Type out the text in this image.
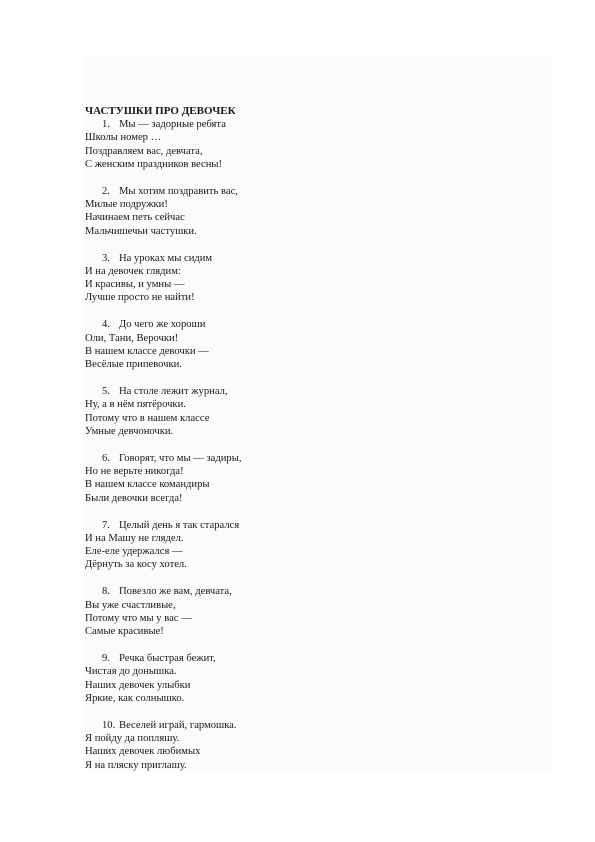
ЧАСТУШКИ ПРО ДЕВОЧЕК
1. Мы — задорные ребята
Школы номер …
Поздравляем вас, девчата,
С женским праздников весны!
2. Мы хотим поздравить вас,
Милые подружки!
Начинаем петь сейчас
Мальчишечьи частушки.
3. На уроках мы сидим
И на девочек глядим:
И красивы, и умны —
Лучше просто не найти!
4. До чего же хороши
Оли, Тани, Верочки!
В нашем классе девочки —
Весёлые припевочки.
5. На столе лежит журнал,
Ну, а в нём пятёрочки.
Потому что в нашем классе
Умные девчоночки.
6. Говорят, что мы — задиры,
Но не верьте никогда!
В нашем классе командиры
Были девочки всегда!
7. Целый день я так старался
И на Машу не глядел.
Еле-еле удержался —
Дёрнуть за косу хотел.
8. Повезло же вам, девчата,
Вы уже счастливые,
Потому что мы у вас —
Самые красивые!
9. Речка быстрая бежит,
Чистая до донышка.
Наших девочек улыбки
Яркие, как солнышко.
10. Веселей играй, гармошка.
Я пойду да попляшу.
Наших девочек любимых
Я на пляску приглашу.
